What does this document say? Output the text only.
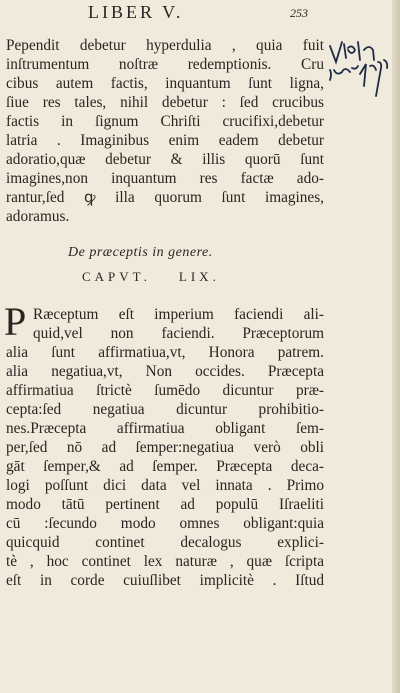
LIBER V.	253
Pependit debetur hyperdulia , quia fuit
inſtrumentum noſtræ redemptionis. Cru
cibus autem factis, inquantum ſunt ligna,
ſiue res tales, nihil debetur : ſed crucibus
factis in ſignum Chriſti crucifixi,debetur
latria . Imaginibus enim eadem debetur
adoratio,quæ debetur & illis quorū ſunt
imagines,non inquantum res factæ ado-
rantur,ſed ꝙ illa quorum ſunt imagines,
adoramus.
De præceptis in genere.
CAPVT. LIX.
P Ræceptum eſt imperium faciendi ali-
quid,vel non faciendi. Præceptorum
alia ſunt affirmatiua,vt, Honora patrem.
alia negatiua,vt, Non occides. Præcepta
affirmatiua ſtrictè ſumēdo dicuntur præ-
cepta:ſed negatiua dicuntur prohibitio-
nes.Præcepta affirmatiua obligant ſem-
per,ſed nō ad ſemper:negatiua verò obli
gāt ſemper,& ad ſemper. Præcepta deca-
logi poſſunt dici data vel innata . Primo
modo tātū pertinent ad populū Iſraeliti
cū :ſecundo modo omnes obligant:quia
quicquid continet decalogus explici-
tè , hoc continet lex naturæ , quæ ſcripta
eſt in corde cuiuſlibet implicitè . Iſtud
